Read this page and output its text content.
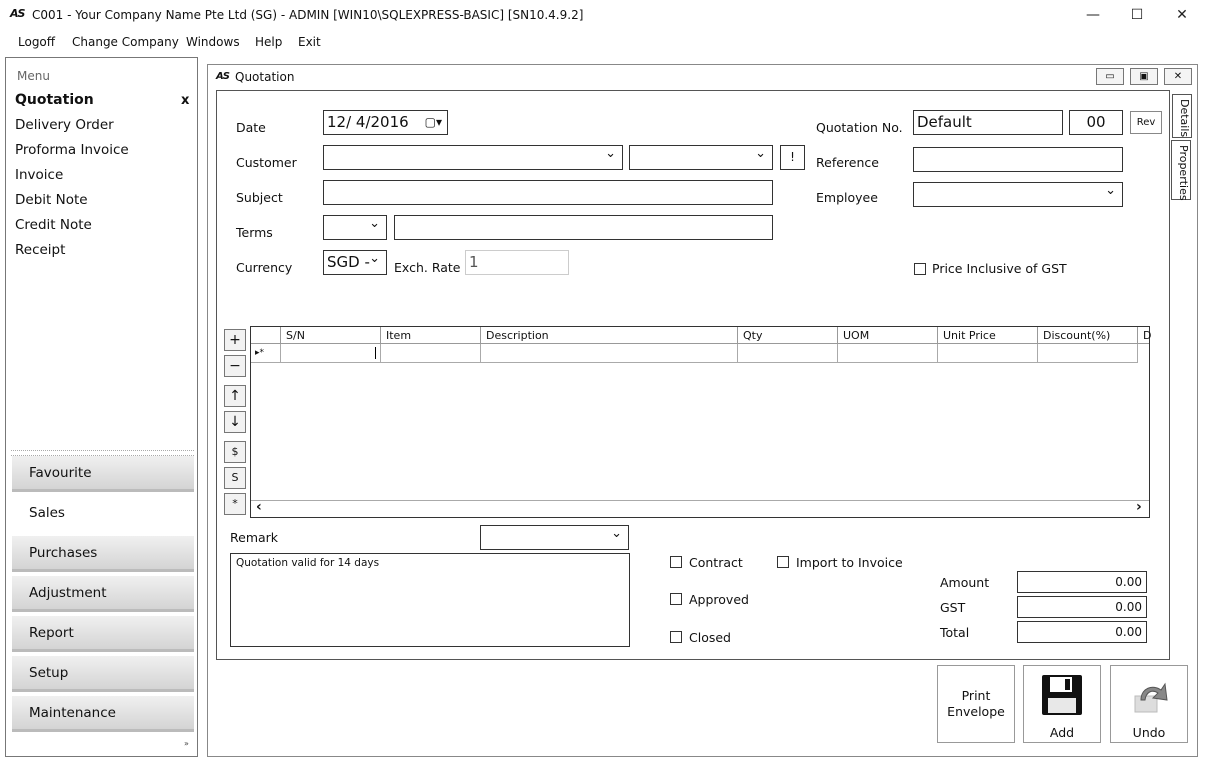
AS C001 - Your Company Name Pte Ltd (SG) - ADMIN [WIN10\SQLEXPRESS-BASIC] [SN10.4.9.2]	—	☐	✕
Logoff Change Company Windows Help Exit
Menu
x
Quotation
Delivery Order
Proforma Invoice
Invoice
Debit Note
Credit Note
Receipt
Favourite
Sales
Purchases
Adjustment
Report
Setup
Maintenance
»
AS Quotation	▭	▣	✕
Details
Properties
Date	12/ 4/2016 ▢▾
Customer ⌄ ⌄	!
Subject
Terms
⌄
Currency SGD - ⌄	Exch. Rate 1
Quotation No. Default	00	Rev
Reference
Employee
⌄
Price Inclusive of GST
+
−
↑
↓
$
S
*
S/N	Item	Description	Qty	UOM	Unit Price	Discount(%)	D
▸*
‹	›
Remark
⌄
Quotation valid for 14 days	Contract	Import to Invoice
Approved
Closed
Amount	0.00
GST	0.00
Total	0.00
Print
Envelope
Add	Undo
